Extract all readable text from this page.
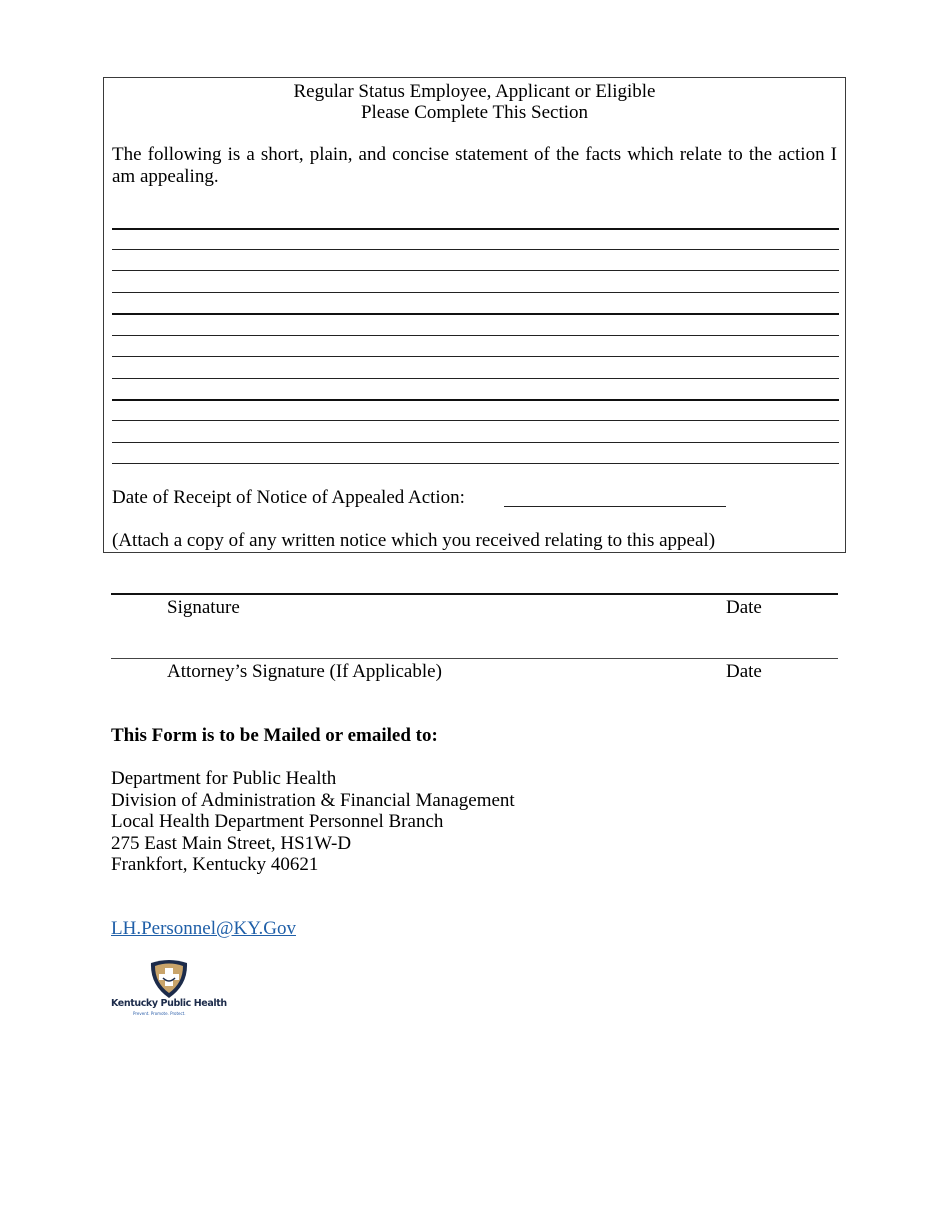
Regular Status Employee, Applicant or Eligible
Please Complete This Section
The following is a short, plain, and concise statement of the facts which relate to the action I am appealing.
Date of Receipt of Notice of Appealed Action:
(Attach a copy of any written notice which you received relating to this appeal)
Signature	Date
Attorney’s Signature (If Applicable)	Date
This Form is to be Mailed or emailed to:
Department for Public Health
Division of Administration & Financial Management
Local Health Department Personnel Branch
275 East Main Street, HS1W-D
Frankfort, Kentucky 40621
LH.Personnel@KY.Gov
Kentucky Public Health
Prevent. Promote. Protect.
